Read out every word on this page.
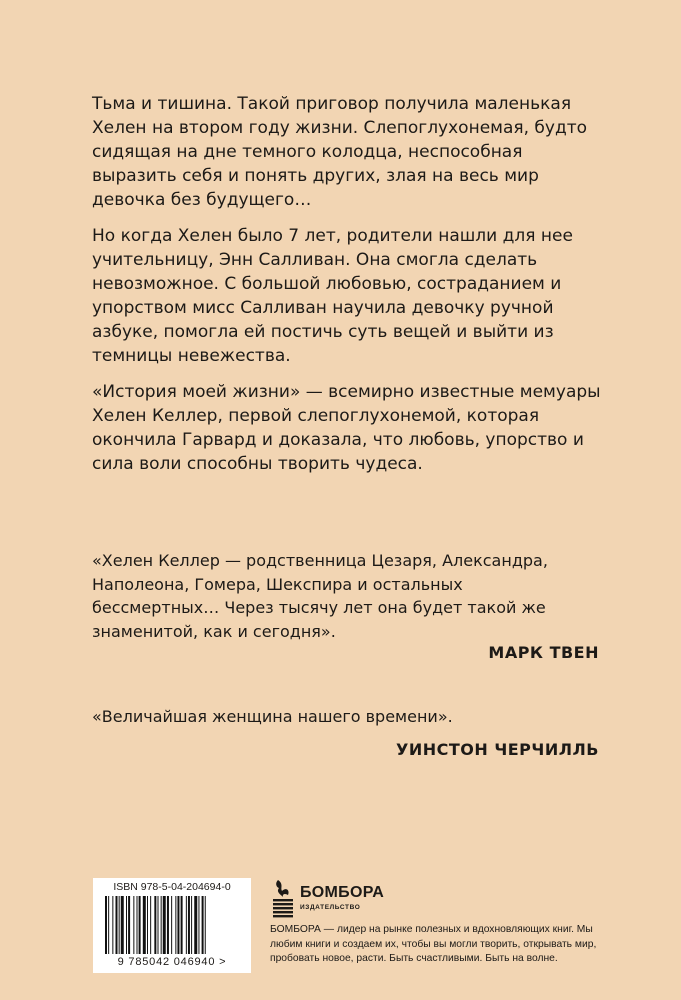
Тьма и тишина. Такой приговор получила маленькая Хелен на втором году жизни. Слепоглухонемая, будто сидящая на дне темного колодца, неспособная выразить себя и понять других, злая на весь мир девочка без будущего…

Но когда Хелен было 7 лет, родители нашли для нее учительницу, Энн Салливан. Она смогла сделать невозможное. С большой любовью, состраданием и упорством мисс Салливан научила девочку ручной азбуке, помогла ей постичь суть вещей и выйти из темницы невежества.

«История моей жизни» — всемирно известные мемуары Хелен Келлер, первой слепоглухонемой, которая окончила Гарвард и доказала, что любовь, упорство и сила воли способны творить чудеса.

«Хелен Келлер — родственница Цезаря, Александра, Наполеона, Гомера, Шекспира и остальных бессмертных… Через тысячу лет она будет такой же знаменитой, как и сегодня».

МАРК ТВЕН

«Величайшая женщина нашего времени».

УИНСТОН ЧЕРЧИЛЛЬ

ISBN 978-5-04-204694-0
9 785042 046940 >
БОМБОРА
ИЗДАТЕЛЬСТВО

БОМБОРА — лидер на рынке полезных и вдохновляющих книг. Мы любим книги и создаем их, чтобы вы могли творить, открывать мир, пробовать новое, расти. Быть счастливыми. Быть на волне.
